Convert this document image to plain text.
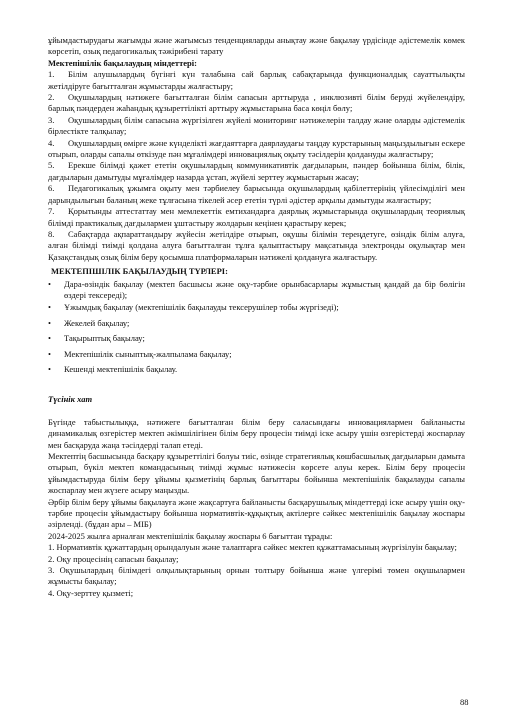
ұйымдастырудағы жағымды және жағымсыз тенденцияларды анықтау және бақылау үрдісінде әдістемелік көмек көрсетіп, озық педагогикалық тәжірибені тарату

Мектепішілік бақылаудың міндеттері:

1. Білім алушылардың бүгінгі күн талабына сай барлық сабақтарында функционалдық сауаттылықты жетілдіруге бағытталған жұмыстарды жалғастыру;

2. Оқушылардың нәтижеге бағытталған білім сапасын арттыруда , инклюзивті білім беруді жүйелендіру, барлық пәндерден жаһандық құзыреттілікті арттыру жұмыстарына баса көңіл бөлу;

3. Оқушылардың білім сапасына жүргізілген жүйелі мониторинг нәтижелерін талдау және оларды әдістемелік бірлестікте талқылау;

4. Оқушылардың өмірге және күнделікті жағдаяттарға даярлаудағы таңдау курстарының маңыздылығын ескере отырып, оларды сапалы өткізуде пән мұғалімдері инновациялық оқыту тәсілдерін қолдануды жалғастыру;

5. Ерекше білімді қажет ететін оқушылардың коммуникативтік дағдыларын, пәндер бойынша білім, білік, дағдыларын дамытуды мұғалімдер назарда ұстап, жүйелі зерттеу жұмыстарын жасау;

6. Педагогикалық ұжымға оқыту мен тәрбиелеу барысында оқушылардың қабілеттерінің үйлесімділігі мен дарындылығын баланың жеке тұлғасына тікелей әсер ететін түрлі әдістер арқылы дамытуды жалғастыру;

7. Қорытынды аттестаттау мен мемлекеттік емтихандарға даярлық жұмыстарында оқушылардың теориялық білімді практикалық дағдылармен ұштастыру жолдарын кеңінен қарастыру керек;

8. Сабақтарда ақпараттандыру жүйесін жетілдіре отырып, оқушы білімін тереңдетуге, өзіндік білім алуға, алған білімді тиімді қолдана алуға бағытталған тұлға қалыптастыру мақсатында электронды оқулықтар мен Қазақстандық озық білім беру қосымша платформаларын нәтижелі қолдануға жалғастыру.

МЕКТЕПІШІЛІК БАҚЫЛАУДЫҢ ТҮРЛЕРІ:

• Дара-өзіндік бақылау (мектеп басшысы және оқу-тәрбие орынбасарлары жұмыстың қандай да бір бөлігін өздері тексереді);

• Ұжымдық бақылау (мектепішілік бақылауды тексерушілер тобы жүргізеді);

• Жекелей бақылау;

• Тақырыптық бақылау;

• Мектепішілік сыныптық-жалпылама бақылау;

• Кешенді мектепішілік бақылау.

Түсінік хат

Бүгінде табыстылыққа, нәтижеге бағытталған білім беру саласындағы инновациялармен байланысты динамикалық өзгерістер мектеп әкімшілігінен білім беру процесін тиімді іске асыру үшін өзгерістерді жоспарлау мен басқаруда жаңа тәсілдерді талап етеді.

Мектептің басшысында басқару құзыреттілігі болуы тиіс, өзінде стратегиялық көшбасшылық дағдыларын дамыта отырып, бүкіл мектеп командасының тиімді жұмыс нәтижесін көрсете алуы керек. Білім беру процесін ұйымдастыруда білім беру ұйымы қызметінің барлық бағыттары бойынша мектепішілік бақылауды сапалы жоспарлау мен жүзеге асыру маңызды.

Әрбір білім беру ұйымы бақылауға және жақсартуға байланысты басқарушылық міндеттерді іске асыру үшін оқу-тәрбие процесін ұйымдастыру бойынша нормативтік-құқықтық актілерге сәйкес мектепішілік бақылау жоспары әзірленді. (бұдан ары – МІБ)

2024-2025 жылға арналған мектепішілік бақылау жоспары 6 бағыттан тұрады:

1. Нормативтік құжаттардың орындалуын және талаптарға сәйкес мектеп құжаттамасының жүргізілуін бақылау;

2. Оқу процесінің сапасын бақылау;

3. Оқушылардың білімдегі олқылықтарының орнын толтыру бойынша және үлгерімі төмен оқушылармен жұмысты бақылау;

4. Оқу-зерттеу қызметі;

88
